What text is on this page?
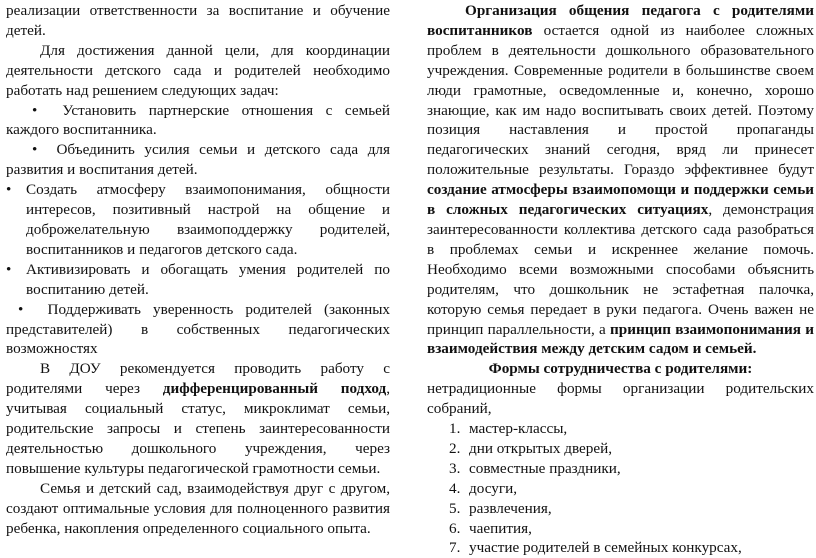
реализации ответственности за воспитание и обучение детей.

Для достижения данной цели, для координации деятельности детского сада и родителей необходимо работать над решением следующих задач:

• Установить партнерские отношения с семьей каждого воспитанника.

• Объединить усилия семьи и детского сада для развития и воспитания детей.

• Создать атмосферу взаимопонимания, общности интересов, позитивный настрой на общение и доброжелательную взаимоподдержку родителей, воспитанников и педагогов детского сада.

• Активизировать и обогащать умения родителей по воспитанию детей.

• Поддерживать уверенность родителей (законных представителей) в собственных педагогических возможностях

В ДОУ рекомендуется проводить работу с родителями через дифференцированный подход, учитывая социальный статус, микроклимат семьи, родительские запросы и степень заинтересованности деятельностью дошкольного учреждения, через повышение культуры педагогической грамотности семьи.

Семья и детский сад, взаимодействуя друг с другом, создают оптимальные условия для полноценного развития ребенка, накопления определенного социального опыта.

Организация общения педагога с родителями воспитанников остается одной из наиболее сложных проблем в деятельности дошкольного образовательного учреждения. Современные родители в большинстве своем люди грамотные, осведомленные и, конечно, хорошо знающие, как им надо воспитывать своих детей. Поэтому позиция наставления и простой пропаганды педагогических знаний сегодня, вряд ли принесет положительные результаты. Гораздо эффективнее будут создание атмосферы взаимопомощи и поддержки семьи в сложных педагогических ситуациях, демонстрация заинтересованности коллектива детского сада разобраться в проблемах семьи и искреннее желание помочь. Необходимо всеми возможными способами объяснить родителям, что дошкольник не эстафетная палочка, которую семья передает в руки педагога. Очень важен не принцип параллельности, а принцип взаимопонимания и взаимодействия между детским садом и семьей.

Формы сотрудничества с родителями:

нетрадиционные формы организации родительских собраний,

1. мастер-классы,
2. дни открытых дверей,
3. совместные праздники,
4. досуги,
5. развлечения,
6. чаепития,
7. участие родителей в семейных конкурсах,
